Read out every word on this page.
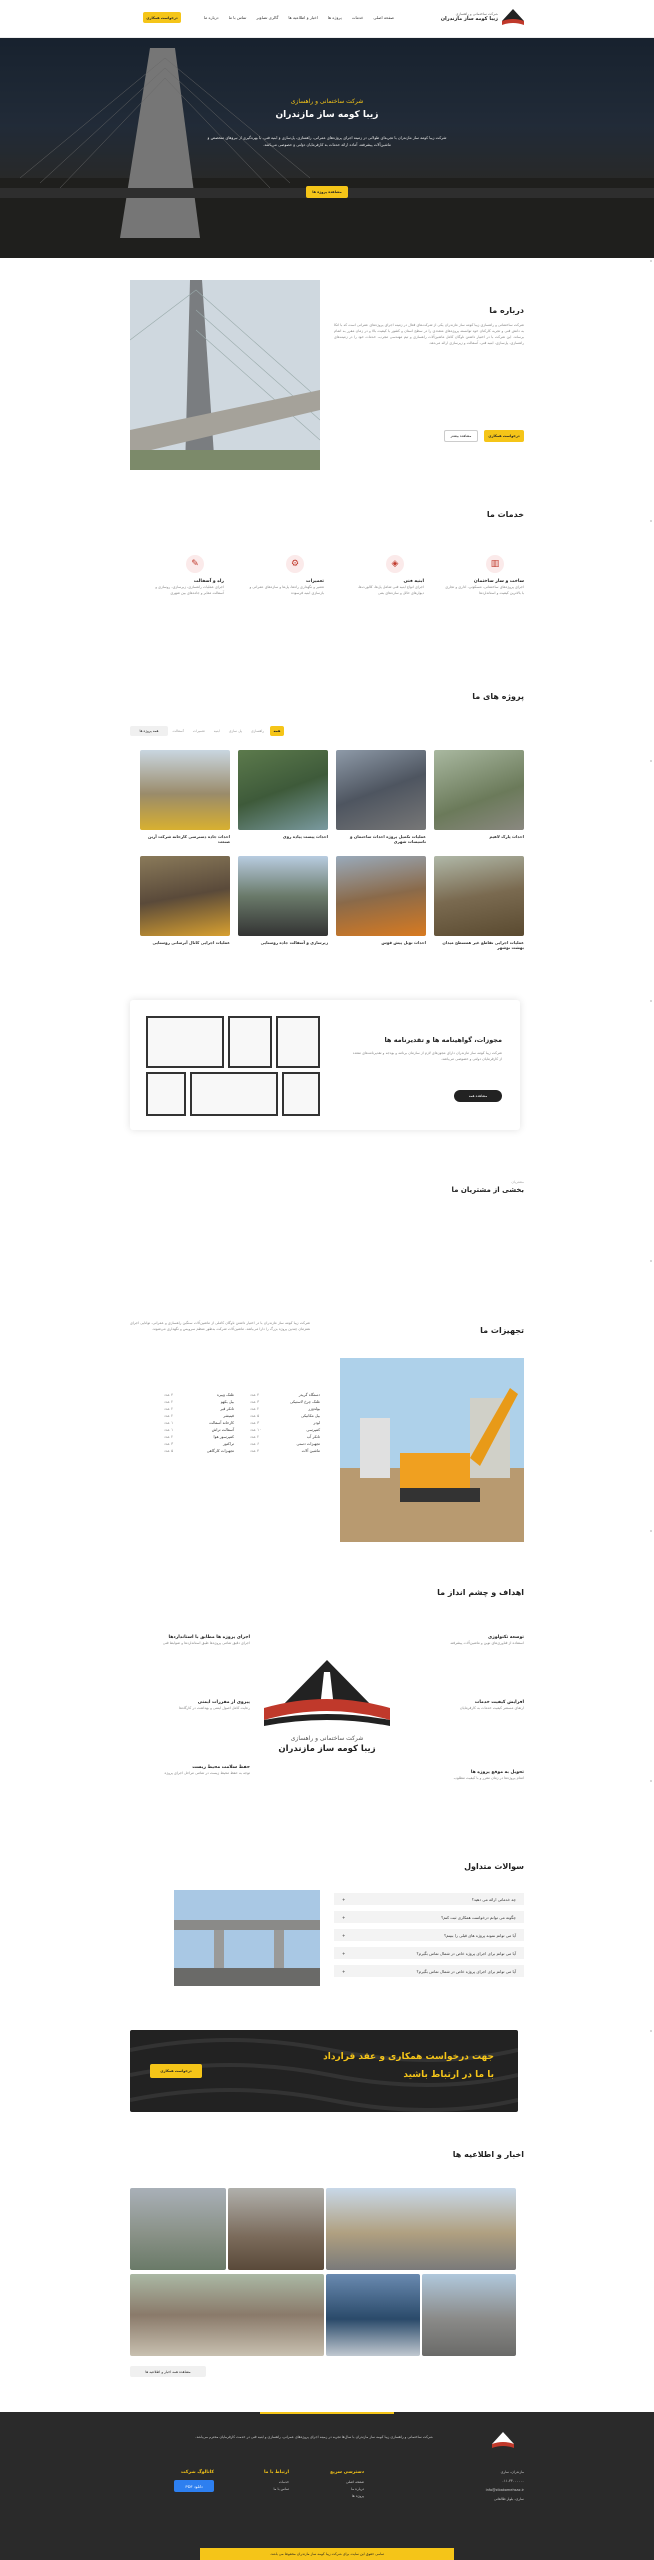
شرکت ساختمانی و راهسازی
زیبا کومه ساز مازندران
صفحه اصلی
خدمات
پروژه ها
اخبار و اطلاعیه ها
گالری تصاویر
تماس با ما
درباره ما
درخواست همکاری
شرکت ساختمانی و راهسازی
زیبا کومه ساز مازندران
شرکت زیبا کومه ساز مازندران با تجربه‌ای طولانی در زمینه اجرای پروژه‌های عمرانی، راهسازی، پل‌سازی و ابنیه فنی، با بهره‌گیری از نیروهای متخصص و ماشین‌آلات پیشرفته، آماده ارائه خدمات به کارفرمایان دولتی و خصوصی می‌باشد.
مشاهده پروژه ها
درباره ما
شرکت ساختمانی و راهسازی زیبا کومه ساز مازندران یکی از شرکت‌های فعال در زمینه اجرای پروژه‌های عمرانی است که با اتکا به دانش فنی و تجربه کارکنان خود توانسته پروژه‌های متعددی را در سطح استان و کشور با کیفیت بالا و در زمان مقرر به اتمام برساند. این شرکت با در اختیار داشتن ناوگان کامل ماشین‌آلات راهسازی و تیم مهندسی مجرب، خدمات خود را در زمینه‌های راهسازی، پل‌سازی، ابنیه فنی، آسفالت و زیرسازی ارائه می‌دهد.
درخواست همکاری
مشاهده بیشتر
خدمات ما
▥
ساخت و ساز ساختمان
اجرای پروژه‌های ساختمانی، مسکونی، اداری و تجاری با بالاترین کیفیت و استانداردها
◈
ابنیه فنی
اجرای انواع ابنیه فنی شامل پل‌ها، کالورت‌ها، دیوارهای حائل و سازه‌های بتنی
⚙
تعمیرات
تعمیر و نگهداری راه‌ها، پل‌ها و سازه‌های عمرانی و بازسازی ابنیه فرسوده
✎
راه و آسفالت
اجرای عملیات راهسازی، زیرسازی، روسازی و آسفالت معابر و جاده‌های بین شهری
پروژه های ما
همه
راهسازی
پل سازی
ابنیه
تعمیرات
آسفالت
همه پروژه ها
احداث پارک لاهیم
عملیات تکمیل پروژه احداث ساختمان و تاسیسات شهری
احداث پیست پیاده روی
احداث جاده دسترسی کارخانه شرکت آرین صنعت
عملیات اجرایی تقاطع غیر همسطح میدان بهشت نوشهر
احداث تونل پیش قوس
زیرسازی و آسفالت جاده روستایی
عملیات اجرایی کانال آبرسانی روستایی
مجوزات، گواهینامه ها و تقدیرنامه ها
شرکت زیبا کومه ساز مازندران دارای مجوزهای لازم از سازمان برنامه و بودجه و تقدیرنامه‌های متعدد از کارفرمایان دولتی و خصوصی می‌باشد.
مشاهده همه
مشتریان
بخشی از مشتریان ما
شرکت زیبا کومه ساز مازندران با در اختیار داشتن ناوگان کاملی از ماشین‌آلات سنگین راهسازی و عمرانی، توانایی اجرای همزمان چندین پروژه بزرگ را دارا می‌باشد. ماشین‌آلات شرکت به‌طور منظم سرویس و نگهداری می‌شوند.	تجهیزات ما
دستگاه گریدر
۴ عدد
غلتک چرخ لاستیکی
۳ عدد
بولدوزر
۲ عدد
بیل مکانیکی
۵ عدد
لودر
۳ عدد
کمپرسی
۱۰ عدد
تانکر آب
۲ عدد
تجهیزات دستی
۶ عدد
ماشین آلات
۴ عدد
غلتک ویبره
۴ عدد
بیل بکهو
۲ عدد
تانکر قیر
۲ عدد
فینیشر
۲ عدد
کارخانه آسفالت
۱ عدد
آسفالت تراش
۱ عدد
کمپرسور هوا
۲ عدد
تراکتور
۳ عدد
تجهیزات کارگاهی
۵ عدد
اهداف و چشم انداز ما
توسعه تکنولوژی
استفاده از فناوری‌های نوین و ماشین‌آلات پیشرفته
افزایش کیفیت خدمات
ارتقای مستمر کیفیت خدمات به کارفرمایان
تحویل به موقع پروژه ها
اتمام پروژه‌ها در زمان مقرر و با کیفیت مطلوب
اجرای پروژه ها مطابق با استانداردها
اجرای دقیق تمامی پروژه‌ها طبق استانداردها و ضوابط فنی
پیروی از مقررات ایمنی
رعایت کامل اصول ایمنی و بهداشت در کارگاه‌ها
حفظ سلامت محیط زیست
توجه به حفظ محیط زیست در تمامی مراحل اجرای پروژه
شرکت ساختمانی و راهسازی
زیبا کومه ساز مازندران
سوالات متداول
چه خدماتی ارائه می دهید؟
+
چگونه می توانم درخواست همکاری ثبت کنم؟
+
آیا می توانم نمونه پروژه های قبلی را ببینم؟
+
آیا می توانم برای اجرای پروژه خاص در شمال تماس بگیرم؟
+
آیا می توانم برای اجرای پروژه خاص در شمال تماس بگیرم؟
+
جهت درخواست همکاری و عقد قرارداد
با ما در ارتباط باشید
درخواست همکاری
اخبار و اطلاعیه ها
مشاهده همه اخبار و اطلاعیه ها
شرکت ساختمانی و راهسازی زیبا کومه ساز مازندران با سال‌ها تجربه در زمینه اجرای پروژه‌های عمرانی، راهسازی و ابنیه فنی در خدمت کارفرمایان محترم می‌باشد.
مازندران، ساری
۰۱۱-۳۳۰۰۰۰۰۰
info@zibakomehsaz.ir
ساری، بلوار طالقانی
دسترسی سریع
صفحه اصلی
درباره ما
پروژه ها
ارتباط با ما
خدمات
تماس با ما
کاتالوگ شرکت
دانلود PDF
تمامی حقوق این سایت برای شرکت زیبا کومه ساز مازندران محفوظ می باشد.
